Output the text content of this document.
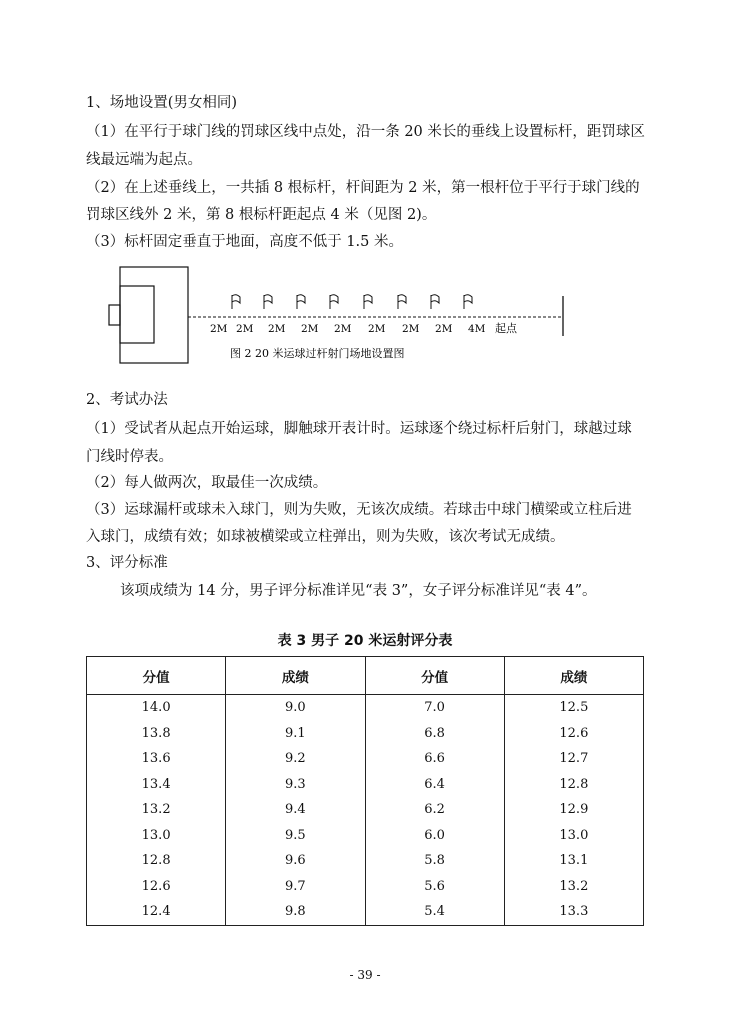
1、场地设置(男女相同)
（1）在平行于球门线的罚球区线中点处，沿一条 20 米长的垂线上设置标杆，距罚球区
线最远端为起点。
（2）在上述垂线上，一共插 8 根标杆，杆间距为 2 米，第一根杆位于平行于球门线的
罚球区线外 2 米，第 8 根标杆距起点 4 米（见图 2)。
（3）标杆固定垂直于地面，高度不低于 1.5 米。
2M 2M 2M 2M 2M 2M 2M 2M 4M 起点
图 2 20 米运球过杆射门场地设置图
2、考试办法
（1）受试者从起点开始运球，脚触球开表计时。运球逐个绕过标杆后射门，球越过球
门线时停表。
（2）每人做两次，取最佳一次成绩。
（3）运球漏杆或球未入球门，则为失败，无该次成绩。若球击中球门横梁或立柱后进
入球门，成绩有效；如球被横梁或立柱弹出，则为失败，该次考试无成绩。
3、评分标准
该项成绩为 14 分，男子评分标准详见“表 3”，女子评分标准详见“表 4”。
表 3 男子 20 米运射评分表
分值	成绩	分值	成绩
14.0	9.0	7.0	12.5
13.8	9.1	6.8	12.6
13.6	9.2	6.6	12.7
13.4	9.3	6.4	12.8
13.2	9.4	6.2	12.9
13.0	9.5	6.0	13.0
12.8	9.6	5.8	13.1
12.6	9.7	5.6	13.2
12.4	9.8	5.4	13.3
- 39 -
